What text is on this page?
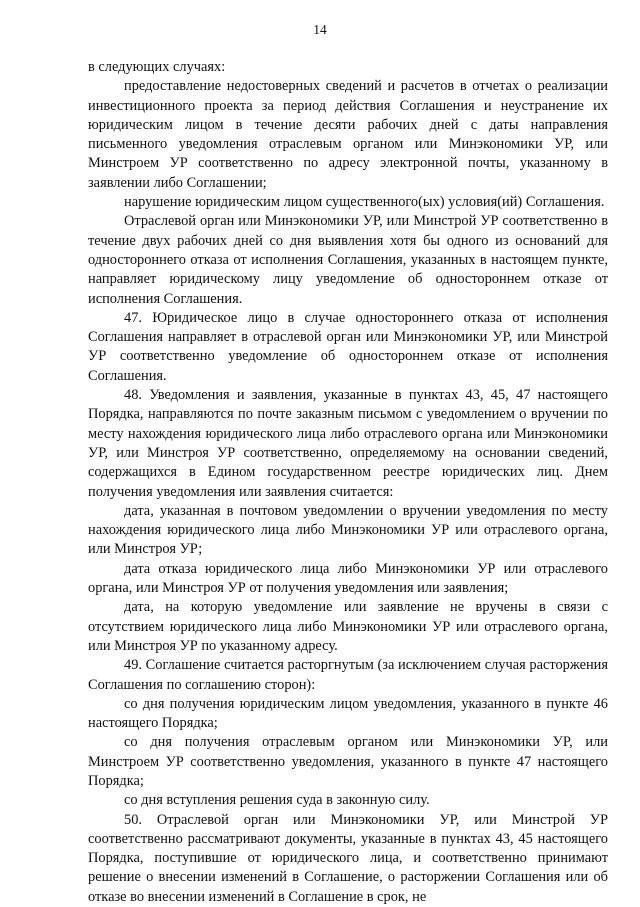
14

в следующих случаях:

предоставление недостоверных сведений и расчетов в отчетах о реализации инвестиционного проекта за период действия Соглашения и неустранение их юридическим лицом в течение десяти рабочих дней с даты направления письменного уведомления отраслевым органом или Минэкономики УР, или Минстроем УР соответственно по адресу электронной почты, указанному в заявлении либо Соглашении;

нарушение юридическим лицом существенного(ых) условия(ий) Соглашения.

Отраслевой орган или Минэкономики УР, или Минстрой УР соответственно в течение двух рабочих дней со дня выявления хотя бы одного из оснований для одностороннего отказа от исполнения Соглашения, указанных в настоящем пункте, направляет юридическому лицу уведомление об одностороннем отказе от исполнения Соглашения.

47. Юридическое лицо в случае одностороннего отказа от исполнения Соглашения направляет в отраслевой орган или Минэкономики УР, или Минстрой УР соответственно уведомление об одностороннем отказе от исполнения Соглашения.

48. Уведомления и заявления, указанные в пунктах 43, 45, 47 настоящего Порядка, направляются по почте заказным письмом с уведомлением о вручении по месту нахождения юридического лица либо отраслевого органа или Минэкономики УР, или Минстроя УР соответственно, определяемому на основании сведений, содержащихся в Едином государственном реестре юридических лиц. Днем получения уведомления или заявления считается:

дата, указанная в почтовом уведомлении о вручении уведомления по месту нахождения юридического лица либо Минэкономики УР или отраслевого органа, или Минстроя УР;

дата отказа юридического лица либо Минэкономики УР или отраслевого органа, или Минстроя УР от получения уведомления или заявления;

дата, на которую уведомление или заявление не вручены в связи с отсутствием юридического лица либо Минэкономики УР или отраслевого органа, или Минстроя УР по указанному адресу.

49. Соглашение считается расторгнутым (за исключением случая расторжения Соглашения по соглашению сторон):

со дня получения юридическим лицом уведомления, указанного в пункте 46 настоящего Порядка;

со дня получения отраслевым органом или Минэкономики УР, или Минстроем УР соответственно уведомления, указанного в пункте 47 настоящего Порядка;

со дня вступления решения суда в законную силу.

50. Отраслевой орган или Минэкономики УР, или Минстрой УР соответственно рассматривают документы, указанные в пунктах 43, 45 настоящего Порядка, поступившие от юридического лица, и соответственно принимают решение о внесении изменений в Соглашение, о расторжении Соглашения или об отказе во внесении изменений в Соглашение в срок, не
